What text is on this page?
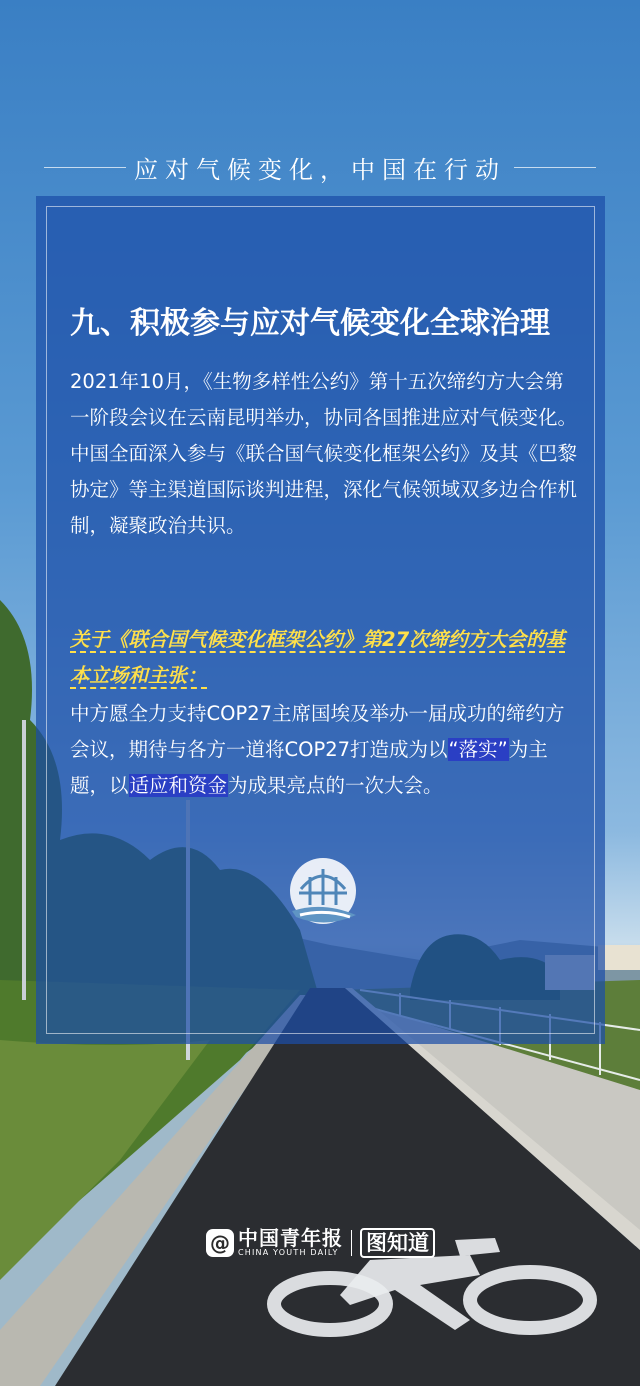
应对气候变化，中国在行动
九、积极参与应对气候变化全球治理
2021年10月，《生物多样性公约》第十五次缔约方大会第一阶段会议在云南昆明举办，协同各国推进应对气候变化。中国全面深入参与《联合国气候变化框架公约》及其《巴黎协定》等主渠道国际谈判进程，深化气候领域双多边合作机制，凝聚政治共识。
关于《联合国气候变化框架公约》第27次缔约方大会的基本立场和主张：
中方愿全力支持COP27主席国埃及举办一届成功的缔约方会议，期待与各方一道将COP27打造成为以“落实”为主题，以适应和资金为成果亮点的一次大会。
@ 中国青年报
CHINA YOUTH DAILY 图知道
